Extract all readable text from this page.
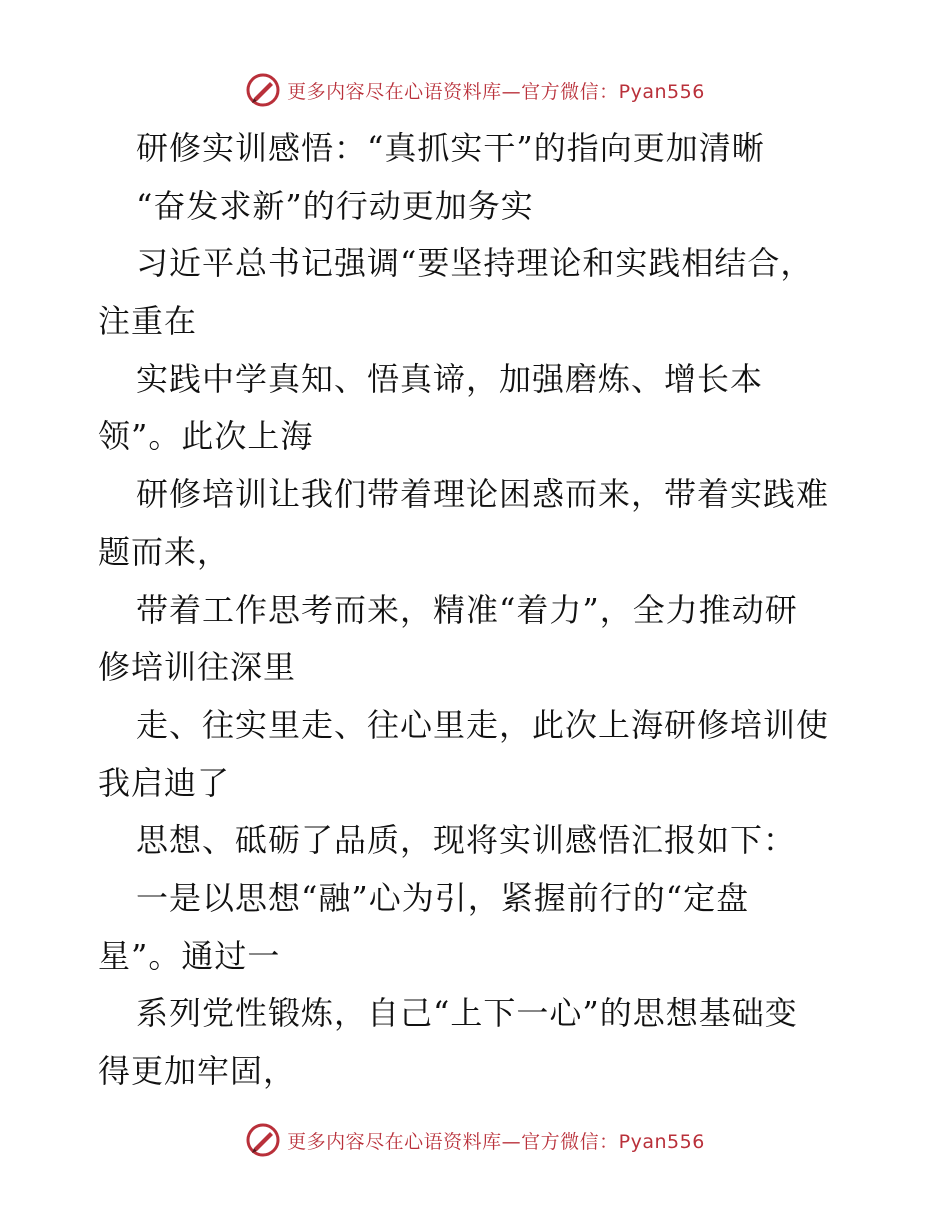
更多内容尽在心语资料库—官方微信：Pyan556
研修实训感悟：“真抓实干”的指向更加清晰
“奋发求新”的行动更加务实
习近平总书记强调“要坚持理论和实践相结合，
注重在
实践中学真知、悟真谛，加强磨炼、增长本
领”。此次上海
研修培训让我们带着理论困惑而来，带着实践难
题而来，
带着工作思考而来，精准“着力”，全力推动研
修培训往深里
走、往实里走、往心里走，此次上海研修培训使
我启迪了
思想、砥砺了品质，现将实训感悟汇报如下：
一是以思想“融”心为引，紧握前行的“定盘
星”。通过一
系列党性锻炼，自己“上下一心”的思想基础变
得更加牢固，
更多内容尽在心语资料库—官方微信：Pyan556
